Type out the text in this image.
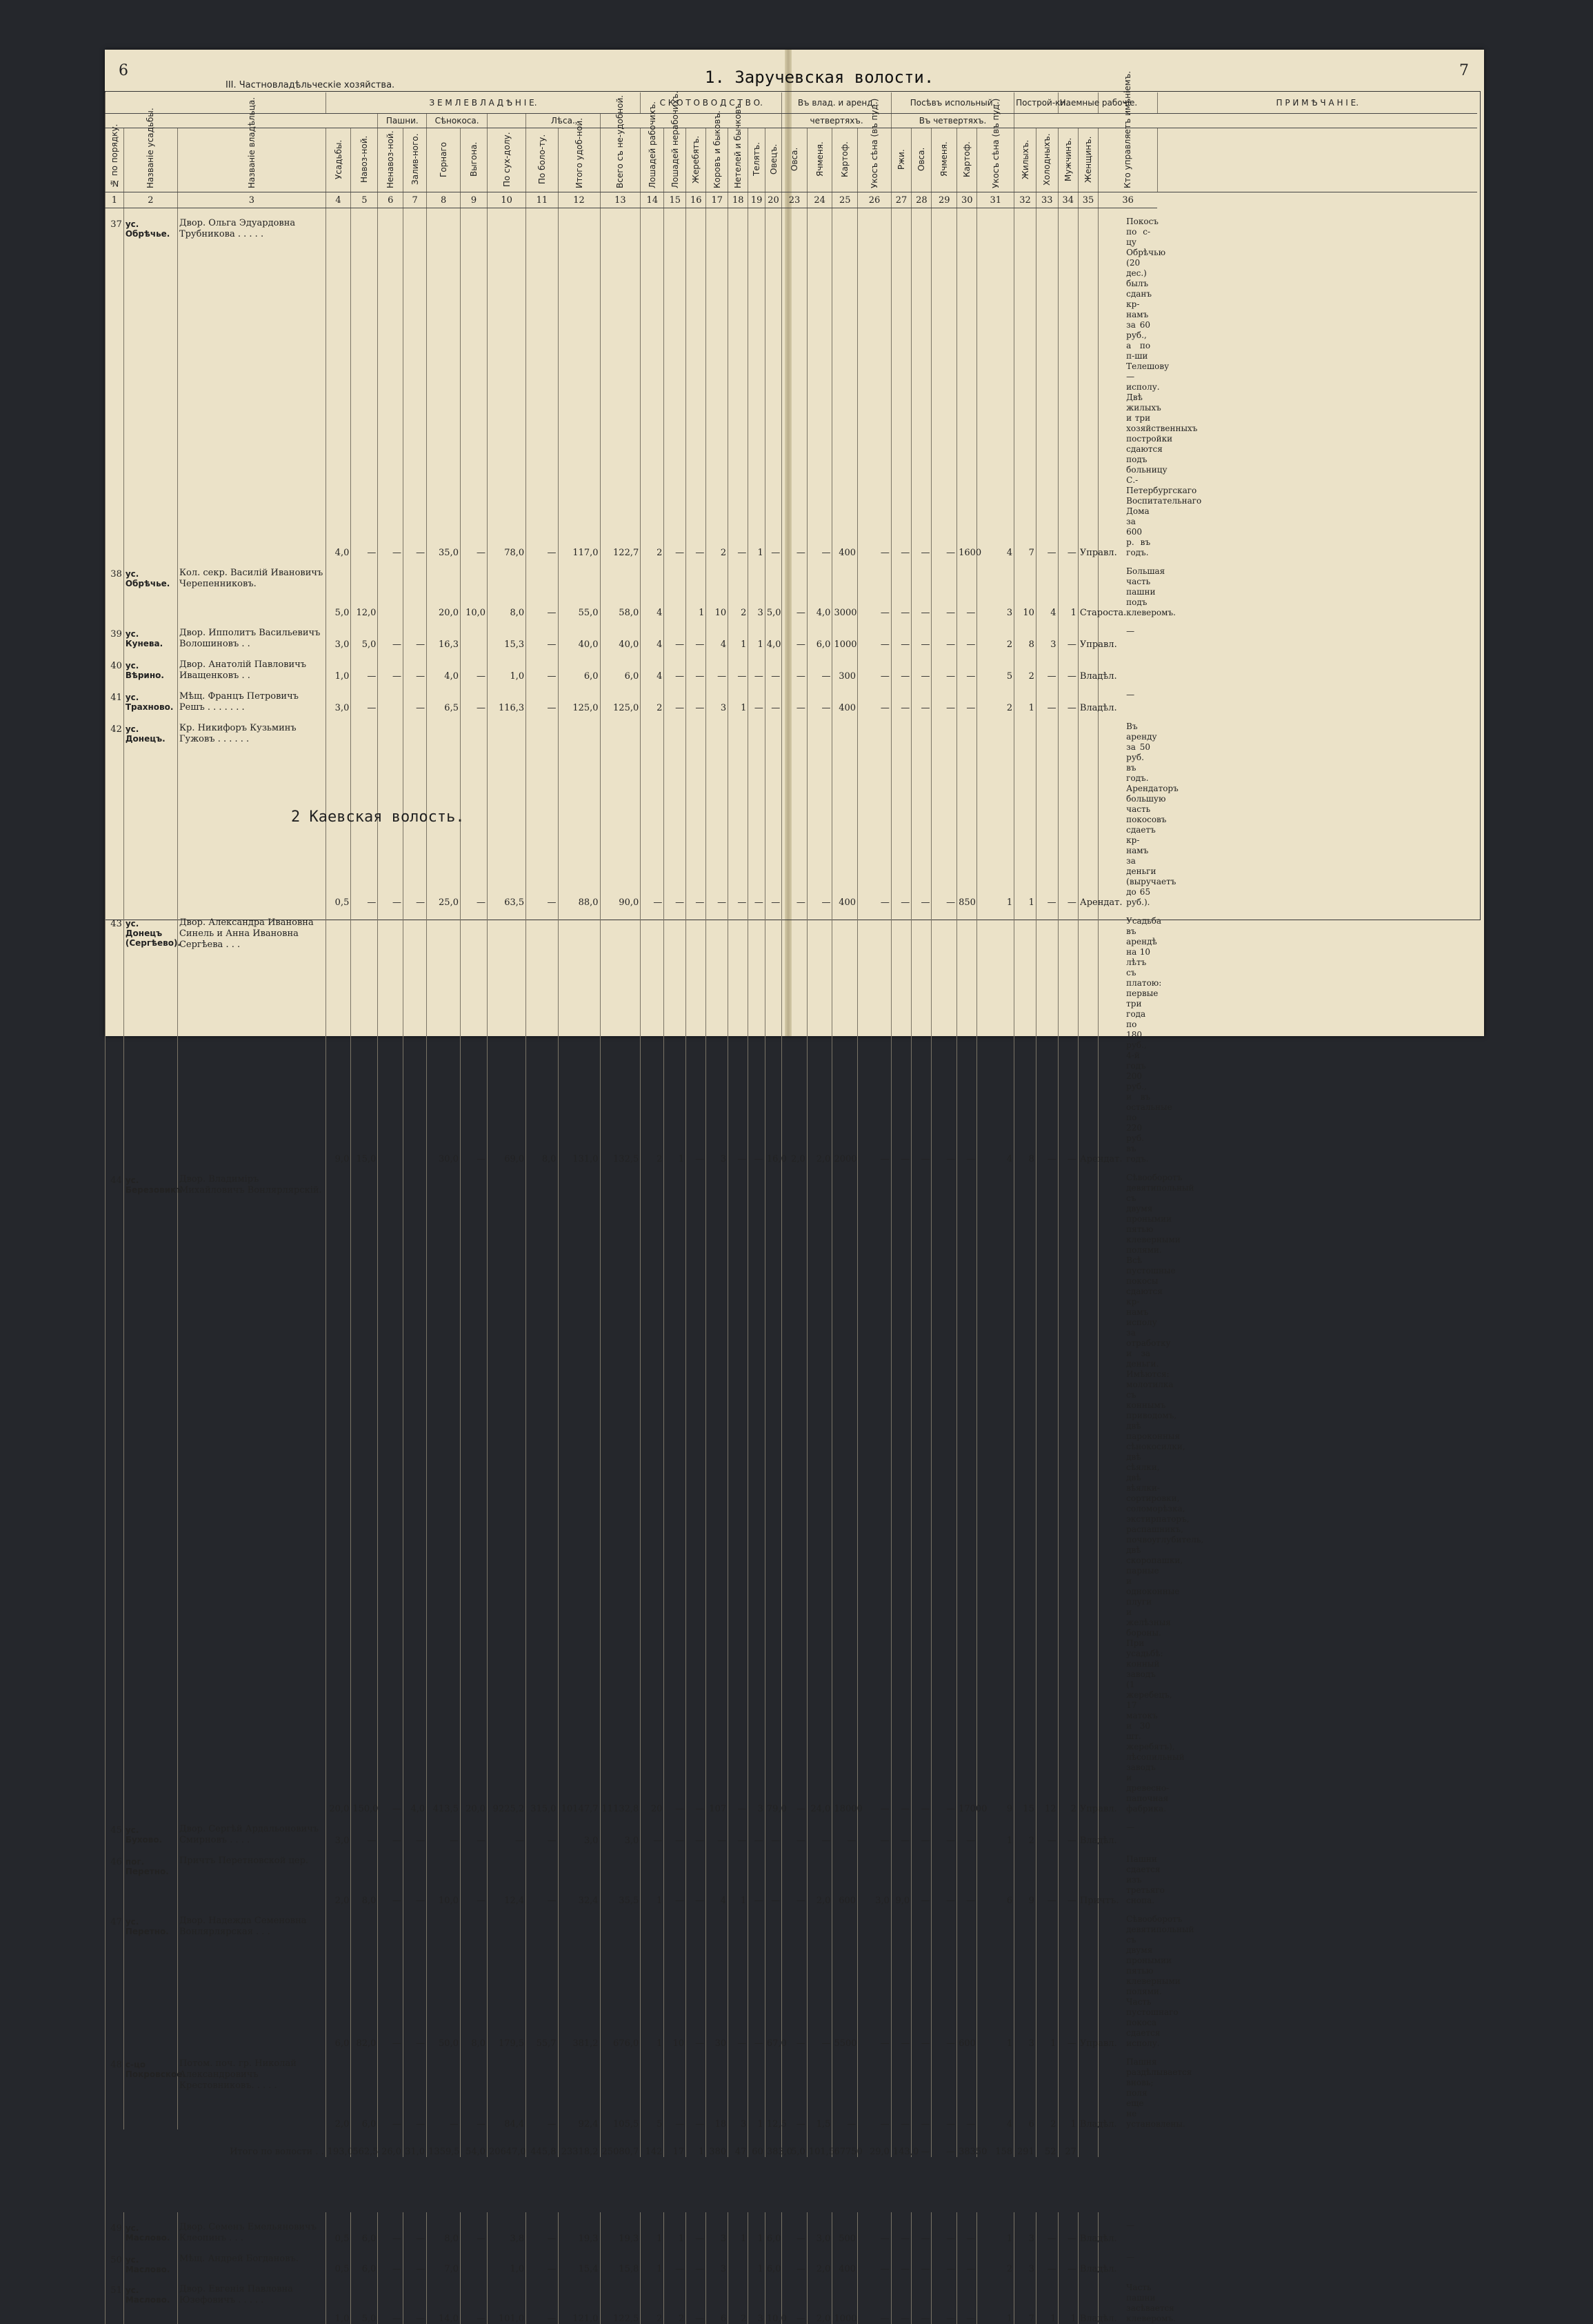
6
III. Частновладѣльческiе хозяйства.
7
1. Заручевская волости.
			З Е М Л Е В Л А Д Ѣ Н I Е.										С К О Т О В О Д С Т В О.							Въ влад. и аренд.				Посѣвъ испольный.					Построй-ки.		Наемные рабочiе.			П Р И М Ѣ Ч А Н I Е.
					Пашни.		Сѣнокоса.			Лѣса.										четвертяхъ.				Въ четвертяхъ.										
№ по порядку.	Названiе усадьбы.	Названiе владѣльца.	Усадьбы.	Навоз-ной.	Ненавоз-ной.	Залив-ного.	Горнаго	Выгона.	По сух-долу.	По боло-ту.	Итого удоб-ной.	Всего съ не-удобной.	Лошадей рабочихъ.	Лошадей нерабочихъ.	Жеребятъ.	Коровъ и быковъ.	Нетелей и бычковъ.	Телятъ.	Овецъ.	Овса.	Ячменя.	Картоф.	Укосъ сѣна (въ пуд.)	Ржи.	Овса.	Ячменя.	Картоф.	Укосъ сѣна (въ пуд.)	Жилыхъ.	Холодныхъ.	Мужчинъ.	Женщинъ.	Кто управляетъ имѣнiемъ.	
1	2	3	4	5	6	7	8	9	10	11	12	13	14	15	16	17	18	19	20	23	24	25	26	27	28	29	30	31	32	33	34	35	36	
37	ус. Обрѣчье.	Двор. Ольга Эдуардовна Трубникова . . . . .	4,0	—	—	—	35,0	—	78,0	—	117,0	122,7	2	—	—	2	—	1	—	—	—	400	—	—	—	—	1600	4	7	—	—	Управл.	Покосъ по с-цу Обрѣчью (20 дес.) былъ сданъ кр-намъ за 60 руб., а по п-ши Телешову—исполу. Двѣ жилыхъ и три хозяйственныхъ постройки сдаются подъ больницу С.-Петербургскаго Воспитательнаго Дома за 600 р. въ годъ.	
38	ус. Обрѣчье.	Кол. секр. Василiй Ивановичъ Черепенниковъ.	5,0	12,0			20,0	10,0	8,0	—	55,0	58,0	4		1	10	2	3	5,0	—	4,0	3000	—	—	—	—	—	3	10	4	1	Староста.	Большая часть пашни подъ клеверомъ.	
39	ус. Кунева.	Двор. Ипполитъ Васильевичъ Волошиновъ . .	3,0	5,0	—	—	16,3		15,3	—	40,0	40,0	4	—	—	4	1	1	4,0	—	6,0	1000	—	—	—	—	—	2	8	3	—	Управл.	—	
40	ус. Вѣрино.	Двор. Анатолiй Павловичъ Иващенковъ . .	1,0	—	—	—	4,0	—	1,0	—	6,0	6,0	4	—	—	—	—	—	—	—	—	300	—	—	—	—	—	5	2	—	—	Владѣл.		
41	ус. Трахново.	Мѣщ. Францъ Петровичъ Решъ . . . . . . .	3,0	—		—	6,5	—	116,3	—	125,0	125,0	2	—	—	3	1	—	—	—	—	400	—	—	—	—	—	2	1	—	—	Владѣл.	—	
42	ус. Донецъ.	Кр. Никифоръ Кузьминъ Гужовъ . . . . . .	0,5	—	—	—	25,0	—	63,5	—	88,0	90,0	—	—	—	—	—	—	—	—	—	400	—	—	—	—	850	1	1	—	—	Арендат.	Въ аренду за 50 руб. въ годъ. Арендаторъ большую часть покосовъ сдаетъ кр-намъ за деньги (выручаетъ до 65 руб.).	
43	ус. Донецъ (Сергѣево).	Двор. Александра Ивановна Синель и Анна Ивановна Сергѣева . . .	9,0	15,0			30,0	—	69,0	8,0	131,0	132,5	2	1	—	3	—	—	16,0	2,0	2,0	2000	—	—	—	—	—	4	8	—	—	Арендат.	Усадьба въ арендѣ на 10 лѣтъ съ платою: первые три года по 180 руб., 4-й годъ 200 руб., и въ остальные по 220 руб. въ годъ.	
44	ус. Березовикъ	Двор. Владимiръ Михайловичъ Вонлярлярскiй.	20,0	150,0	—	4,0	413,5	20,0	9225,2	315,0	10147,7	11132,8	20	—	—	107	—	3	79,0	—	24,0	18000	—	—	—	—	17000	9	15	12	2	Управл.	Сѣвооборотъ девятипольный съ двумя пронымии пятью клеверными полями. Всѣ пустошные покосы сдаются кр-намъ исполу за отработку и за деньги. Имѣются: молотилка съ коннымъ приводомъ, двѣ пароконныя сѣнокосилки, двѣ сѣялки, двѣ вѣялки-сортировки, соломорѣзка, экстирпаторъ, распашникъ, почвоуглубитель, двѣ скоропашки, парные и одноконные плуги и желѣзныя бороны. При усадьбѣ: конный заводъ (1 жеребецъ, 17 матокъ и 30 шт. жеребятъ), лѣсопильный заводъ и древесно-папочная фабрика.	
45	ус. Бухово.	Двор. Сергѣй Ардальоновичъ Смирновъ . . . .	3,0	—	—	—	—	—	—	—	3,0	3,0	—	—	—	—	—	—	—	—	—	—	—	—	—	—	—	1	2	—	—	Владѣл.	—	
46	пог. Перетно.	Причтъ Перетновской цер.	2,0	8,0	—	—	10,0	—	12,4	—	32,4	35,5	1	—	—	4	1	—	—	—	2,0	600	3,0	9,0	—	—	—	6	9	—	—	Причтъ.	Пашни сдается изъ третьяго снопа.	
47	ус. Перетно.	Двор. Надежда Семеновна Вонлярлярская . . .	6,0	82,0	—	—	50,0	8,0	179,5	55,7	381,2	676,0	1	10	—	30	—	—	67,0	—	—	5500	—	—	—	—	600	1	3	1	—	Управл.	Сѣвооборотъ девятипольный съ двумя пронымии пятью клеверными полями. Часть пустошнаго покоса сдается исполу.	
48	с-цо Покровское.	Потом. поч. гр. Николай Александровичъ Крестовниковъ. . . . .	2,0	6,0	—	—	—	—	84,4	—	92,4	105,5	5	—	—	18	3	1	12,5	—	1,5	—	—	—	—	—	—	4	6	2	1	Владѣл.	Пашня раздѣлывается вновь; поля еще не установлены.	
Итого по волости . .			193,0	562,5	26,0	31,0	1359,5	54,0	20647,0	445,8	23318,2	25080,7	142	17	1	380	47	60	383,0	5,0	101,5	67750	29,0	143,0	—	—	38350	158	291	52	27			

49	ус. Маслово.	Двор. Семенъ Емельяновичъ Клеопинъ . . .	0,5	6,0	—	—	8,0	—	3,8	—	19,3	19,3	1	1	—	3	1	1	6,0	—	3,0	500	—	—	—	—	—	1	3	—	—	Владѣл.	—	
50	ус. Маслово.	Мѣщ. Андрей Богдановъ.	0,5	6,0	—	—	7,0		1,0	—	15,4	15,8	1	—	—	3		1	6,0	—	2,0	400	—	—	—	—	—	2	3	—	—	Владѣл.	—	
51	ус. Маслово.	Двор. Евгенiя Павловна Юзефовичъ . . . . .	1,0	5,0	—	—	14,0	—	101,0	—	121,0	122,5	2	2	—	6	2	3	10,0	—	2,0	1000	—	—	—	—	—	1	7	1	1	Владѣл.	Часть пашни засѣвается клеверомъ.	
2 Каевская волость.
